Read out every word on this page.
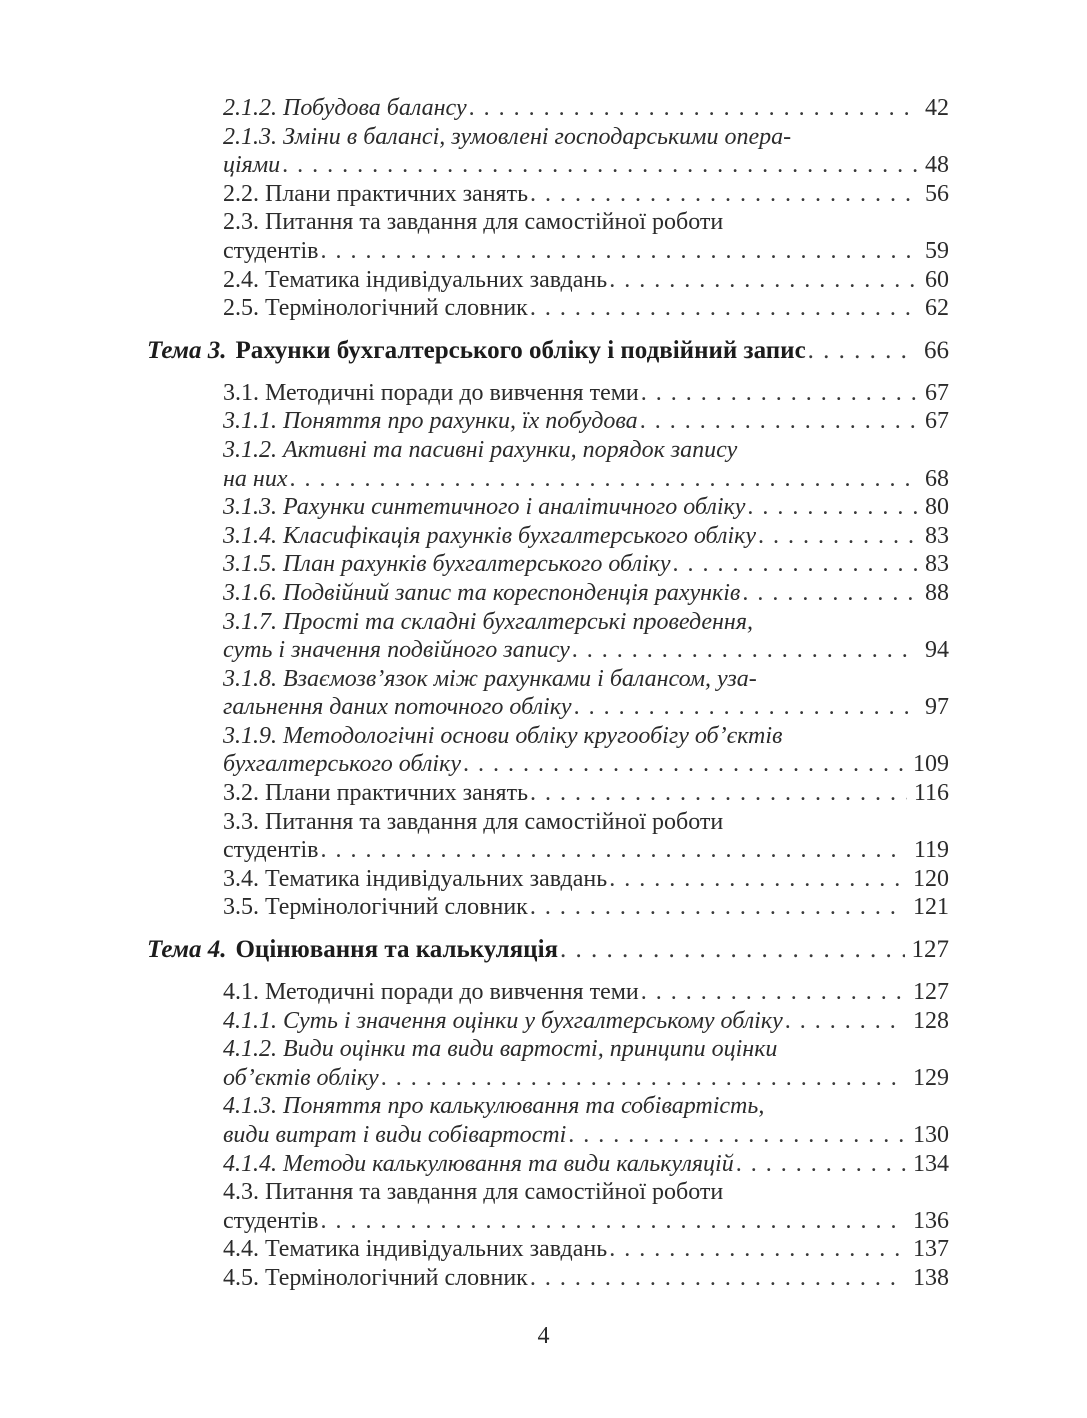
2.1.2. Побудова балансу . . .	42
2.1.3. Зміни в балансі, зумовлені господарськими опера-
ціями . . .	48
2.2. Плани практичних занять . . .	56
2.3. Питання та завдання для самостійної роботи
студентів . . .	59
2.4. Тематика індивідуальних завдань . . .	60
2.5. Термінологічний словник . . .	62
Тема 3. Рахунки бухгалтерського обліку і подвійний запис . . .	66
3.1. Методичні поради до вивчення теми . . .	67
3.1.1. Поняття про рахунки, їх побудова . . .	67
3.1.2. Активні та пасивні рахунки, порядок запису
на них . . .	68
3.1.3. Рахунки синтетичного і аналітичного обліку . . .	80
3.1.4. Класифікація рахунків бухгалтерського обліку . . .	83
3.1.5. План рахунків бухгалтерського обліку . . .	83
3.1.6. Подвійний запис та кореспонденція рахунків . . .	88
3.1.7. Прості та складні бухгалтерські проведення,
суть і значення подвійного запису . . .	94
3.1.8. Взаємозв’язок між рахунками і балансом, уза-
гальнення даних поточного обліку . . .	97
3.1.9. Методологічні основи обліку кругообігу об’єктів
бухгалтерського обліку . . .	109
3.2. Плани практичних занять . . .	116
3.3. Питання та завдання для самостійної роботи
студентів . . .	119
3.4. Тематика індивідуальних завдань . . .	120
3.5. Термінологічний словник . . .	121
Тема 4. Оцінювання та калькуляція . . .	127
4.1. Методичні поради до вивчення теми . . .	127
4.1.1. Суть і значення оцінки у бухгалтерському обліку . . .	128
4.1.2. Види оцінки та види вартості, принципи оцінки
об’єктів обліку . . .	129
4.1.3. Поняття про калькулювання та собівартість,
види витрат і види собівартості . . .	130
4.1.4. Методи калькулювання та види калькуляцій . . .	134
4.3. Питання та завдання для самостійної роботи
студентів . . .	136
4.4. Тематика індивідуальних завдань . . .	137
4.5. Термінологічний словник . . .	138
4
